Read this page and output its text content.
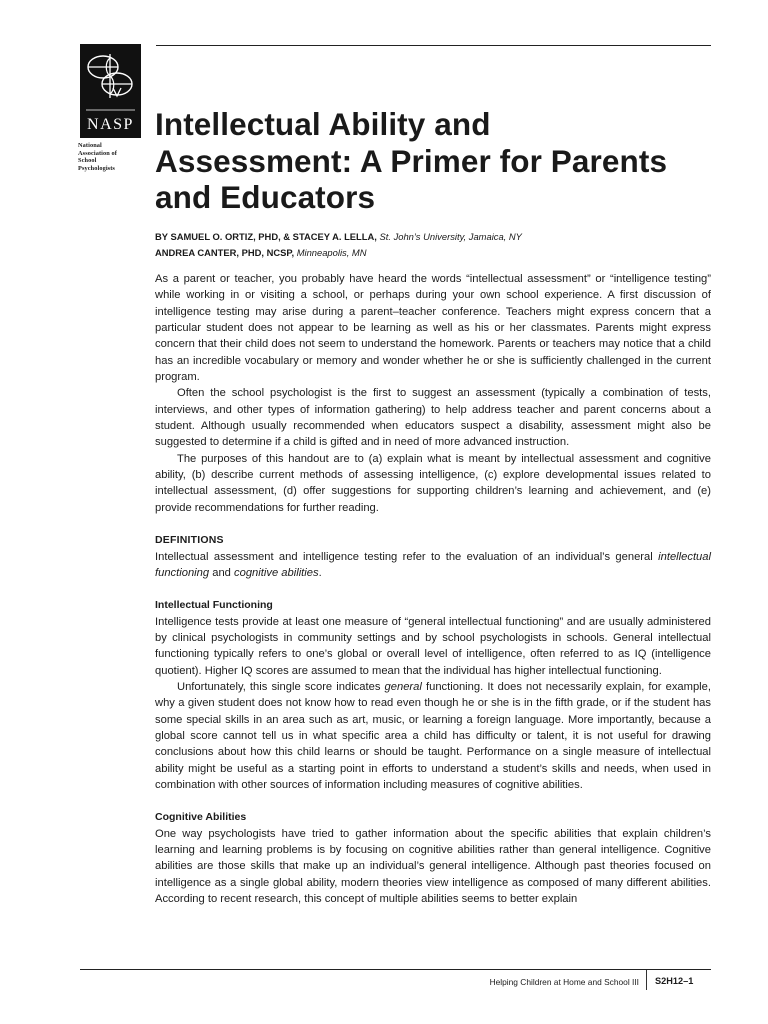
NASP
National
Association of
School
Psychologists
Intellectual Ability and
Assessment: A Primer for Parents
and Educators
BY SAMUEL O. ORTIZ, PHD, & STACEY A. LELLA, St. John’s University, Jamaica, NY
ANDREA CANTER, PHD, NCSP, Minneapolis, MN

As a parent or teacher, you probably have heard the words “intellectual assessment” or “intelligence testing” while working in or visiting a school, or perhaps during your own school experience. A first discussion of intelligence testing may arise during a parent–teacher conference. Teachers might express concern that a particular student does not appear to be learning as well as his or her classmates. Parents might express concern that their child does not seem to understand the homework. Parents or teachers may notice that a child has an incredible vocabulary or memory and wonder whether he or she is sufficiently challenged in the current program.

Often the school psychologist is the first to suggest an assessment (typically a combination of tests, interviews, and other types of information gathering) to help address teacher and parent concerns about a student. Although usually recommended when educators suspect a disability, assessment might also be suggested to determine if a child is gifted and in need of more advanced instruction.

The purposes of this handout are to (a) explain what is meant by intellectual assessment and cognitive ability, (b) describe current methods of assessing intelligence, (c) explore developmental issues related to intellectual assessment, (d) offer suggestions for supporting children’s learning and achievement, and (e) provide recommendations for further reading.

DEFINITIONS

Intellectual assessment and intelligence testing refer to the evaluation of an individual’s general intellectual functioning and cognitive abilities.

Intellectual Functioning

Intelligence tests provide at least one measure of “general intellectual functioning” and are usually administered by clinical psychologists in community settings and by school psychologists in schools. General intellectual functioning typically refers to one’s global or overall level of intelligence, often referred to as IQ (intelligence quotient). Higher IQ scores are assumed to mean that the individual has higher intellectual functioning.

Unfortunately, this single score indicates general functioning. It does not necessarily explain, for example, why a given student does not know how to read even though he or she is in the fifth grade, or if the student has some special skills in an area such as art, music, or learning a foreign language. More importantly, because a global score cannot tell us in what specific area a child has difficulty or talent, it is not useful for drawing conclusions about how this child learns or should be taught. Performance on a single measure of intellectual ability might be useful as a starting point in efforts to understand a student’s skills and needs, when used in combination with other sources of information including measures of cognitive abilities.

Cognitive Abilities

One way psychologists have tried to gather information about the specific abilities that explain children’s learning and learning problems is by focusing on cognitive abilities rather than general intelligence. Cognitive abilities are those skills that make up an individual’s general intelligence. Although past theories focused on intelligence as a single global ability, modern theories view intelligence as composed of many different abilities. According to recent research, this concept of multiple abilities seems to better explain

Helping Children at Home and School III S2H12–1
